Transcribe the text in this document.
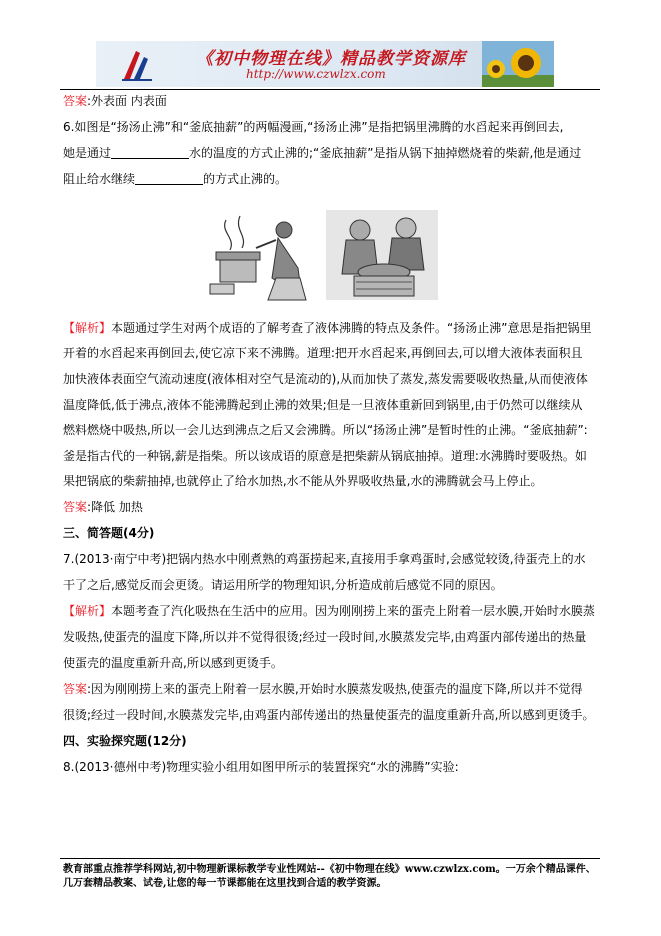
《初中物理在线》精品教学资源库
http://www.czwlzx.com
答案:外表面 内表面
6.如图是“扬汤止沸”和“釜底抽薪”的两幅漫画,“扬汤止沸”是指把锅里沸腾的水舀起来再倒回去,
她是通过	水的温度的方式止沸的;“釜底抽薪”是指从锅下抽掉燃烧着的柴薪,他是通过
阻止给水继续	的方式止沸的。
【解析】本题通过学生对两个成语的了解考查了液体沸腾的特点及条件。“扬汤止沸”意思是指把锅里
开着的水舀起来再倒回去,使它凉下来不沸腾。道理:把开水舀起来,再倒回去,可以增大液体表面积且
加快液体表面空气流动速度(液体相对空气是流动的),从而加快了蒸发,蒸发需要吸收热量,从而使液体
温度降低,低于沸点,液体不能沸腾起到止沸的效果;但是一旦液体重新回到锅里,由于仍然可以继续从
燃料燃烧中吸热,所以一会儿达到沸点之后又会沸腾。所以“扬汤止沸”是暂时性的止沸。“釜底抽薪”:
釜是指古代的一种锅,薪是指柴。所以该成语的原意是把柴薪从锅底抽掉。道理:水沸腾时要吸热。如
果把锅底的柴薪抽掉,也就停止了给水加热,水不能从外界吸收热量,水的沸腾就会马上停止。
答案:降低 加热
三、简答题(4分)
7.(2013·南宁中考)把锅内热水中刚煮熟的鸡蛋捞起来,直接用手拿鸡蛋时,会感觉较烫,待蛋壳上的水
干了之后,感觉反而会更烫。请运用所学的物理知识,分析造成前后感觉不同的原因。
【解析】本题考查了汽化吸热在生活中的应用。因为刚刚捞上来的蛋壳上附着一层水膜,开始时水膜蒸
发吸热,使蛋壳的温度下降,所以并不觉得很烫;经过一段时间,水膜蒸发完毕,由鸡蛋内部传递出的热量
使蛋壳的温度重新升高,所以感到更烫手。
答案:因为刚刚捞上来的蛋壳上附着一层水膜,开始时水膜蒸发吸热,使蛋壳的温度下降,所以并不觉得
很烫;经过一段时间,水膜蒸发完毕,由鸡蛋内部传递出的热量使蛋壳的温度重新升高,所以感到更烫手。
四、实验探究题(12分)
8.(2013·德州中考)物理实验小组用如图甲所示的装置探究“水的沸腾”实验:
教育部重点推荐学科网站,初中物理新课标教学专业性网站--《初中物理在线》www.czwlzx.com。一万余个精品课件、
几万套精品教案、试卷,让您的每一节课都能在这里找到合适的教学资源。
